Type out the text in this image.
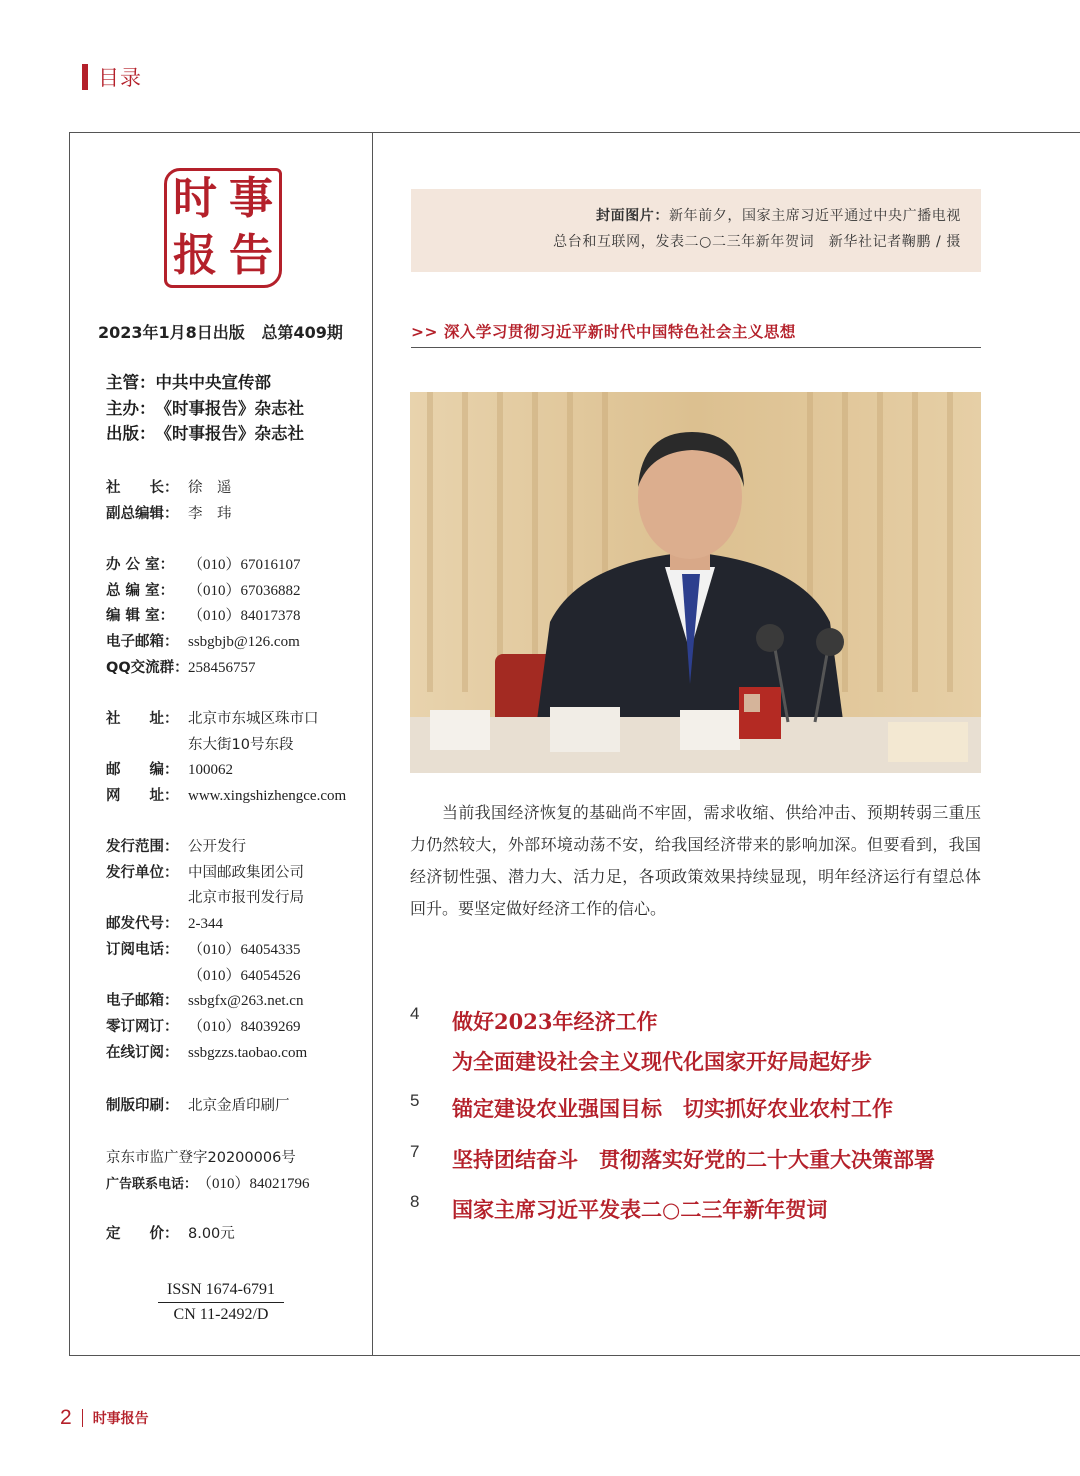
目录
时 事
报 告
2023年1月8日出版 总第409期
主管： 中共中央宣传部
主办： 《时事报告》杂志社
出版： 《时事报告》杂志社
社　　长： 徐　遥
副总编辑： 李　玮
办 公 室： （010）67016107
总 编 室： （010）67036882
编 辑 室： （010）84017378
电子邮箱： ssbgbjb@126.com
QQ交流群： 258456757
社　　址： 北京市东城区珠市口
东大街10号东段
邮　　编： 100062
网　　址： www.xingshizhengce.com
发行范围： 公开发行
发行单位： 中国邮政集团公司
北京市报刊发行局
邮发代号： 2-344
订阅电话： （010）64054335
（010）64054526
电子邮箱： ssbgfx@263.net.cn
零订网订： （010）84039269
在线订阅： ssbgzzs.taobao.com
制版印刷： 北京金盾印刷厂
京东市监广登字20200006号
广告联系电话： （010）84021796
定　　价： 8.00元
ISSN 1674-6791
CN 11-2492/D
封面图片：新年前夕，国家主席习近平通过中央广播电视
总台和互联网，发表二○二三年新年贺词　新华社记者鞠鹏 / 摄
>> 深入学习贯彻习近平新时代中国特色社会主义思想
当前我国经济恢复的基础尚不牢固，需求收缩、供给冲击、预期转弱三重压力仍然较大，外部环境动荡不安，给我国经济带来的影响加深。但要看到，我国经济韧性强、潜力大、活力足，各项政策效果持续显现，明年经济运行有望总体回升。要坚定做好经济工作的信心。
4	做好2023年经济工作
为全面建设社会主义现代化国家开好局起好步
5	锚定建设农业强国目标　切实抓好农业农村工作
7	坚持团结奋斗　贯彻落实好党的二十大重大决策部署
8	国家主席习近平发表二○二三年新年贺词
2 时事报告
